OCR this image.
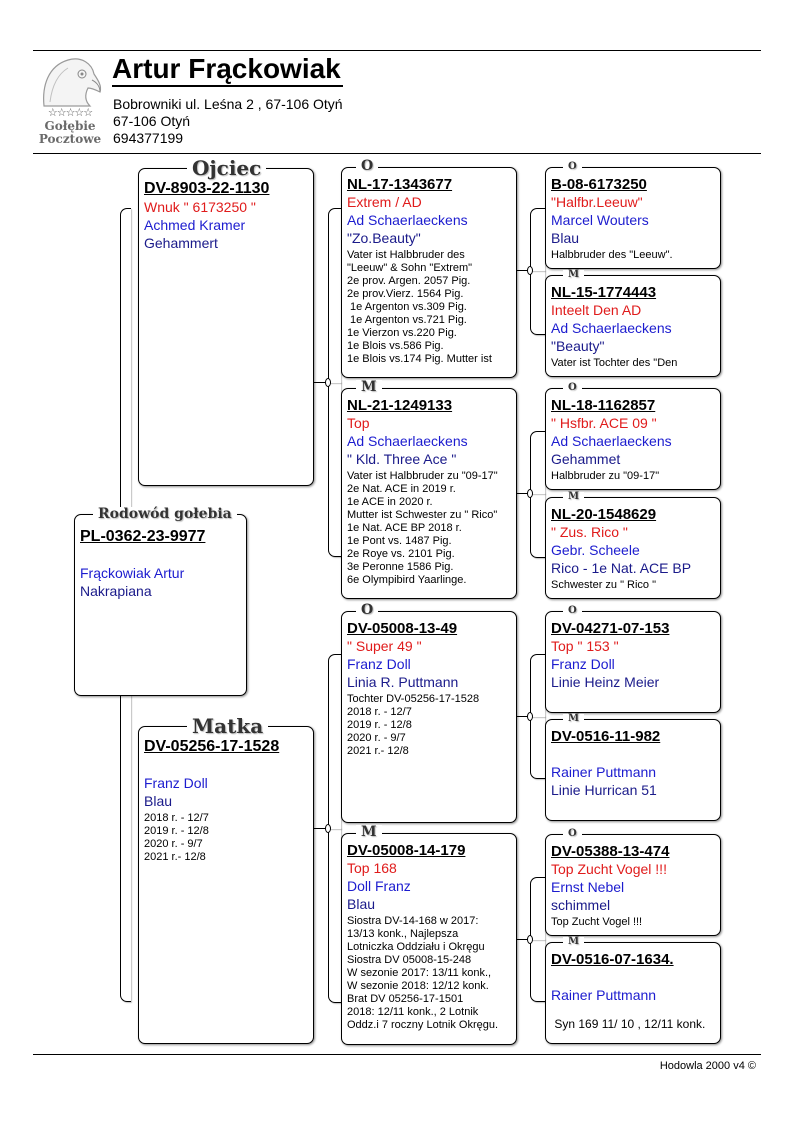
☆☆☆☆☆
Gołębie
Pocztowe
Artur Frąckowiak
Bobrowniki ul. Leśna 2 , 67-106 Otyń
67-106 Otyń
694377199
PL-0362-23-9977
Frąckowiak Artur
Nakrapiana
Rodowód gołebia
DV-8903-22-1130
Wnuk " 6173250 "
Achmed Kramer
Gehammert
Ojciec
DV-05256-17-1528
Franz Doll
Blau
2018 r. - 12/7
2019 r. - 12/8
2020 r. - 9/7
2021 r.- 12/8
Matka
NL-17-1343677
Extrem / AD
Ad Schaerlaeckens
"Zo.Beauty"
Vater ist Halbbruder des
"Leeuw" & Sohn "Extrem"
2e prov. Argen. 2057 Pig.
2e prov.Vierz. 1564 Pig.
1e Argenton vs.309 Pig.
1e Argenton vs.721 Pig.
1e Vierzon vs.220 Pig.
1e Blois vs.586 Pig.
1e Blois vs.174 Pig. Mutter ist
O
NL-21-1249133
Top
Ad Schaerlaeckens
" Kld. Three Ace "
Vater ist Halbbruder zu "09-17"
2e Nat. ACE in 2019 r.
1e ACE in 2020 r.
Mutter ist Schwester zu " Rico"
1e Nat. ACE BP 2018 r.
1e Pont vs. 1487 Pig.
2e Roye vs. 2101 Pig.
3e Peronne 1586 Pig.
6e Olympibird Yaarlinge.
M
DV-05008-13-49
" Super 49 "
Franz Doll
Linia R. Puttmann
Tochter DV-05256-17-1528
2018 r. - 12/7
2019 r. - 12/8
2020 r. - 9/7
2021 r.- 12/8
O
DV-05008-14-179
Top 168
Doll Franz
Blau
Siostra DV-14-168 w 2017:
13/13 konk., Najlepsza
Lotniczka Oddziału i Okręgu
Siostra DV 05008-15-248
W sezonie 2017: 13/11 konk.,
W sezonie 2018: 12/12 konk.
Brat DV 05256-17-1501
2018: 12/11 konk., 2 Lotnik
Oddz.i 7 roczny Lotnik Okręgu.
M
B-08-6173250
"Halfbr.Leeuw"
Marcel Wouters
Blau
Halbbruder des "Leeuw".
O
NL-15-1774443
Inteelt Den AD
Ad Schaerlaeckens
"Beauty"
Vater ist Tochter des "Den
M
NL-18-1162857
" Hsfbr. ACE 09 "
Ad Schaerlaeckens
Gehammet
Halbbruder zu "09-17"
O
NL-20-1548629
" Zus. Rico "
Gebr. Scheele
Rico - 1e Nat. ACE BP
Schwester zu " Rico "
M
DV-04271-07-153
Top " 153 "
Franz Doll
Linie Heinz Meier
O
DV-0516-11-982
Rainer Puttmann
Linie Hurrican 51
M
DV-05388-13-474
Top Zucht Vogel !!!
Ernst Nebel
schimmel
Top Zucht Vogel !!!
O
DV-0516-07-1634.
Rainer Puttmann
Syn 169 11/ 10 , 12/11 konk.
M
Hodowla 2000 v4 ©
